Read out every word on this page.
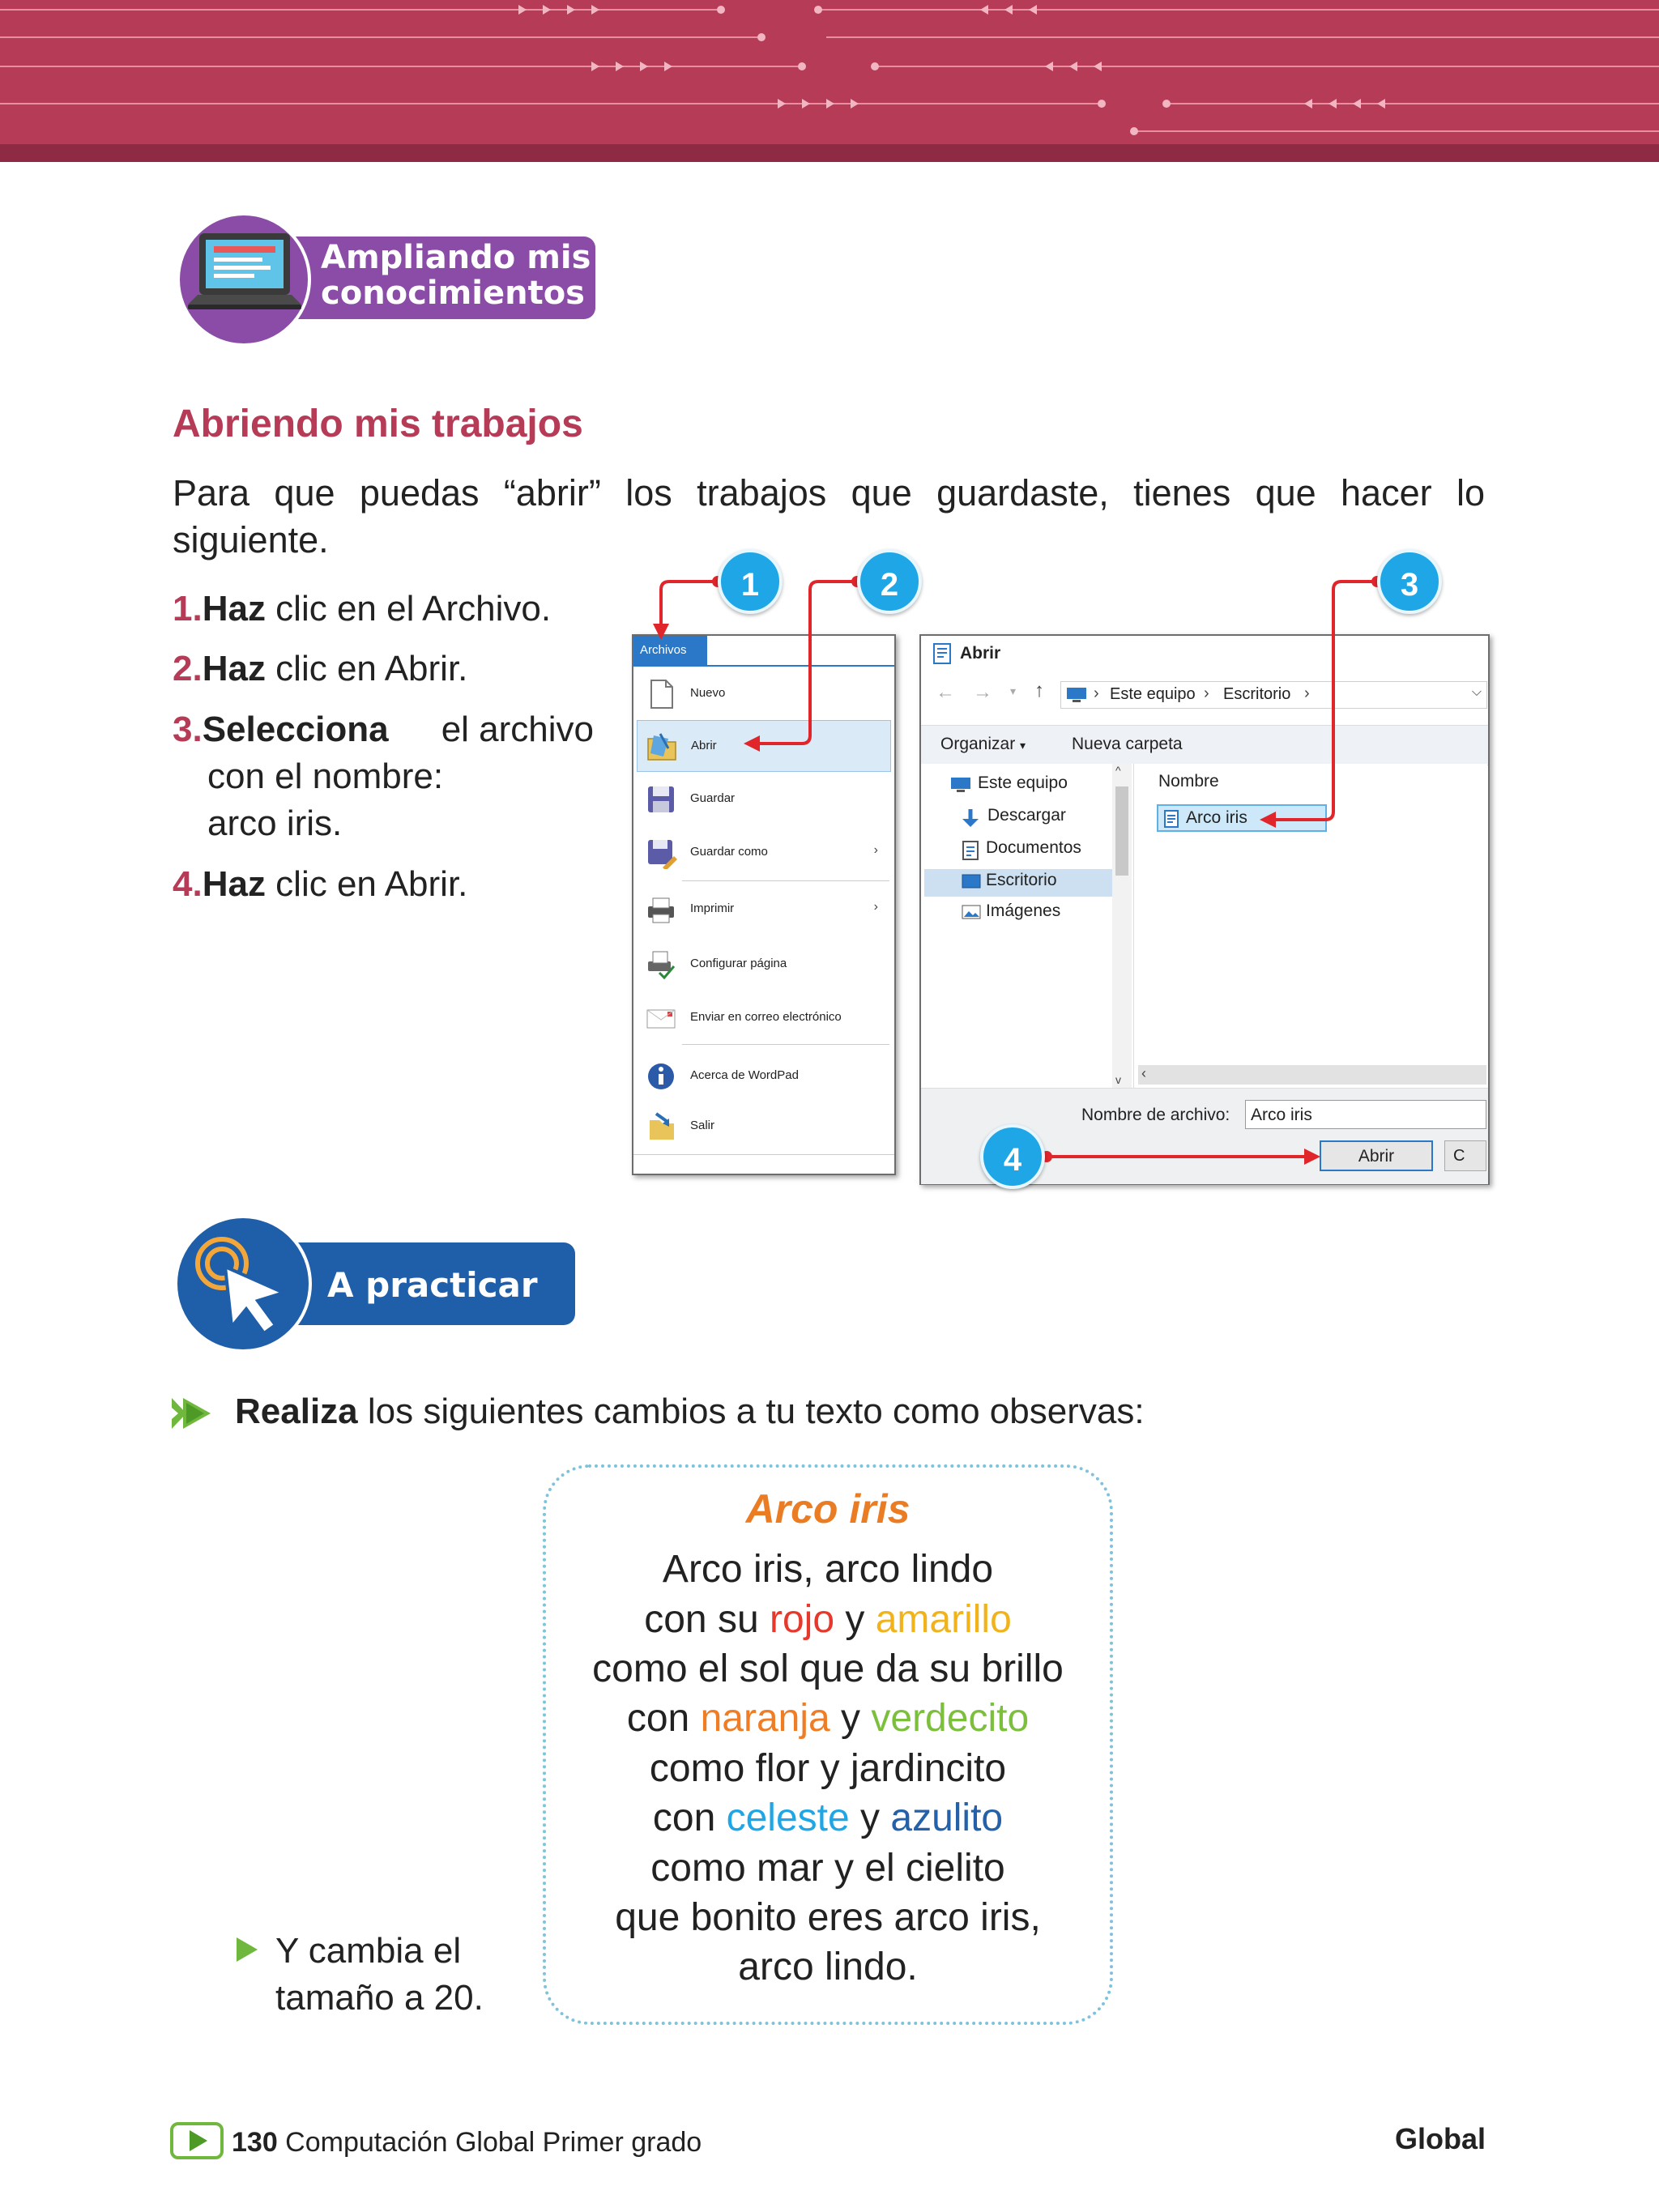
Ampliando mis
conocimientos
Abriendo mis trabajos
Para que puedas “abrir” los trabajos que guardaste, tienes que hacer lo siguiente.
1.Haz clic en el Archivo.
2.Haz clic en Abrir.
3.Selecciona el archivo
con el nombre:
arco iris.
4.Haz clic en Abrir.
Archivos
Nuevo
Abrir
Guardar
Guardar como	›
Imprimir	›
Configurar página
Enviar en correo electrónico
Acerca de WordPad
Salir
Abrir
← → ▾ ↑	› Este equipo › Escritorio ›	⌵
Organizar ▾	Nueva carpeta
Este equipo
Descargar
Documentos
Escritorio
Imágenes
^
v
Nombre
Arco iris
‹
Nombre de archivo:	Arco iris
Abrir	C
1	2	3
4
A practicar
Realiza los siguientes cambios a tu texto como observas:
Arco iris
Arco iris, arco lindo
con su rojo y amarillo
como el sol que da su brillo
con naranja y verdecito
como flor y jardincito
con celeste y azulito
como mar y el cielito
que bonito eres arco iris,
arco lindo.
Y cambia el
tamaño a 20.
130 Computación Global Primer grado	Global
